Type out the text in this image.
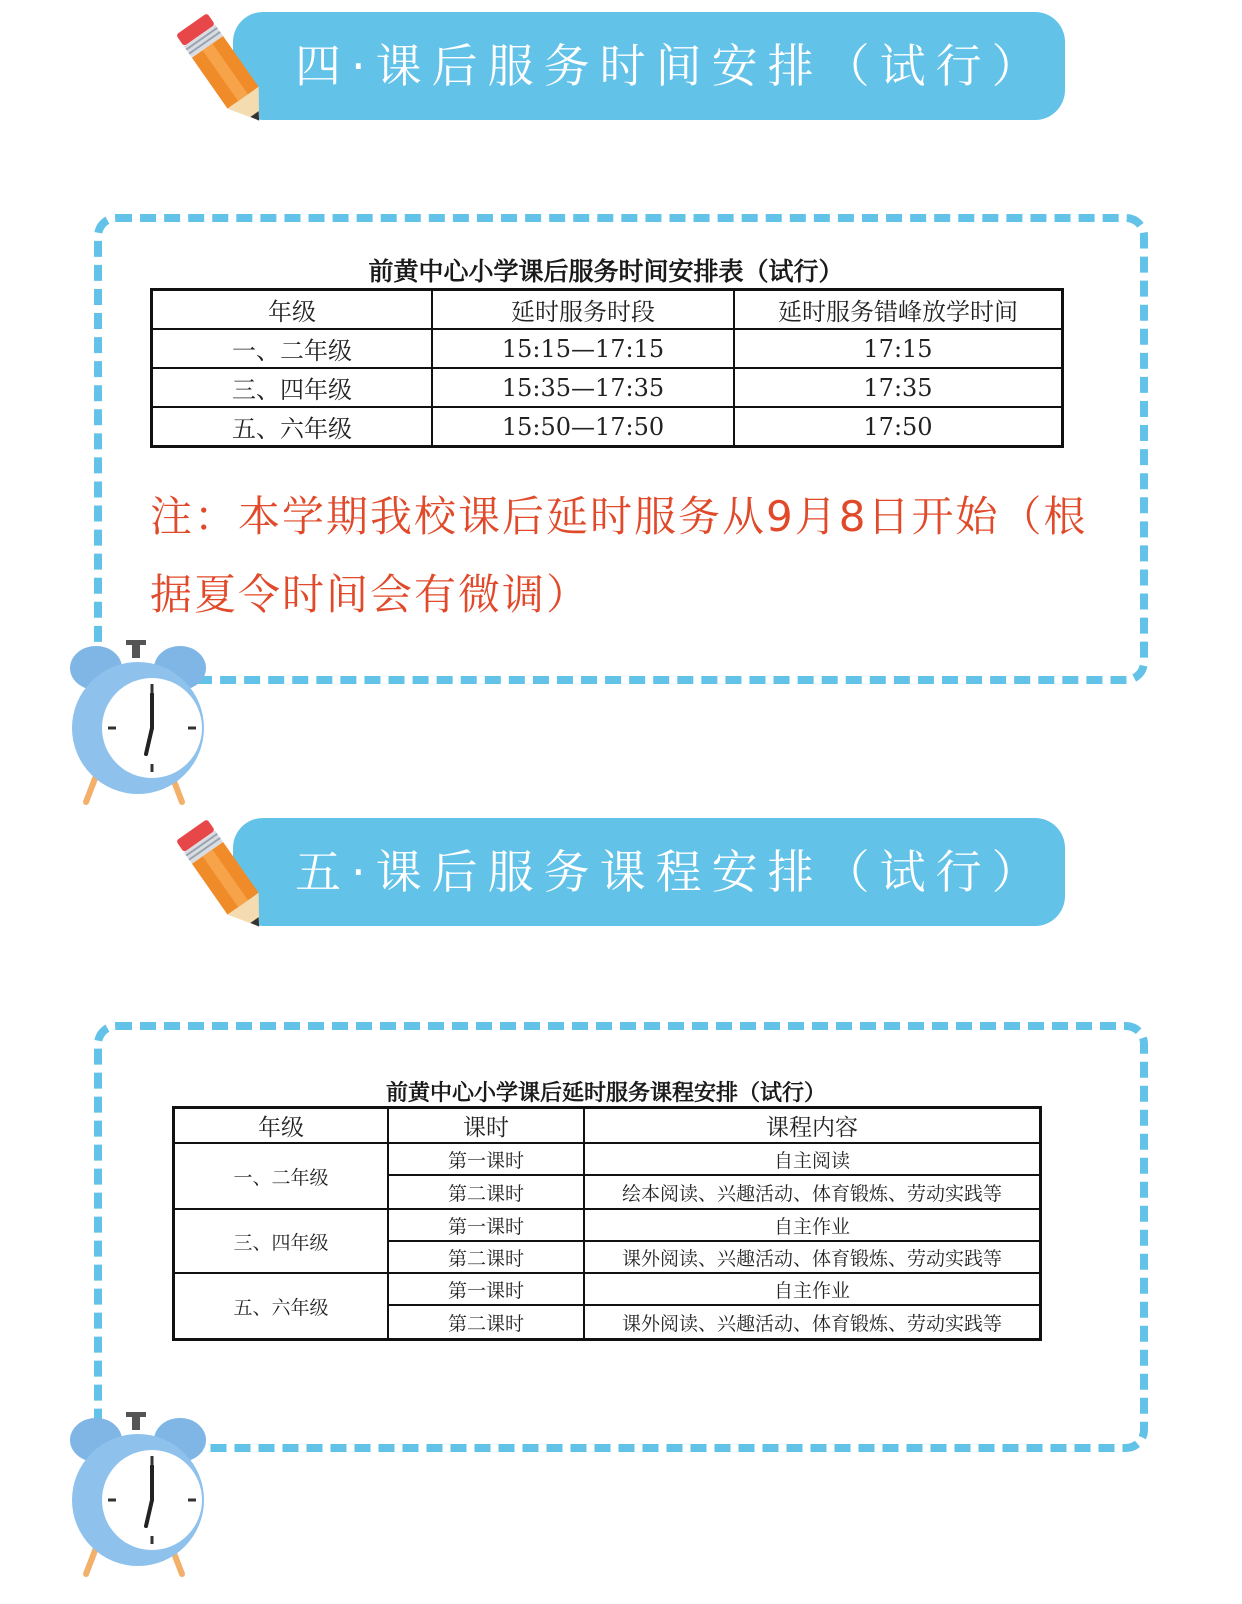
四·课后服务时间安排（试行）
前黄中心小学课后服务时间安排表（试行）
年级	延时服务时段	延时服务错峰放学时间
一、二年级	15:15—17:15	17:15
三、四年级	15:35—17:35	17:35
五、六年级	15:50—17:50	17:50
注：本学期我校课后延时服务从9月8日开始（根据夏令时间会有微调）
五·课后服务课程安排（试行）
前黄中心小学课后延时服务课程安排（试行）
年级	课时	课程内容
一、二年级	第一课时	自主阅读
	第二课时	绘本阅读、兴趣活动、体育锻炼、劳动实践等
三、四年级	第一课时	自主作业
	第二课时	课外阅读、兴趣活动、体育锻炼、劳动实践等
五、六年级	第一课时	自主作业
	第二课时	课外阅读、兴趣活动、体育锻炼、劳动实践等
